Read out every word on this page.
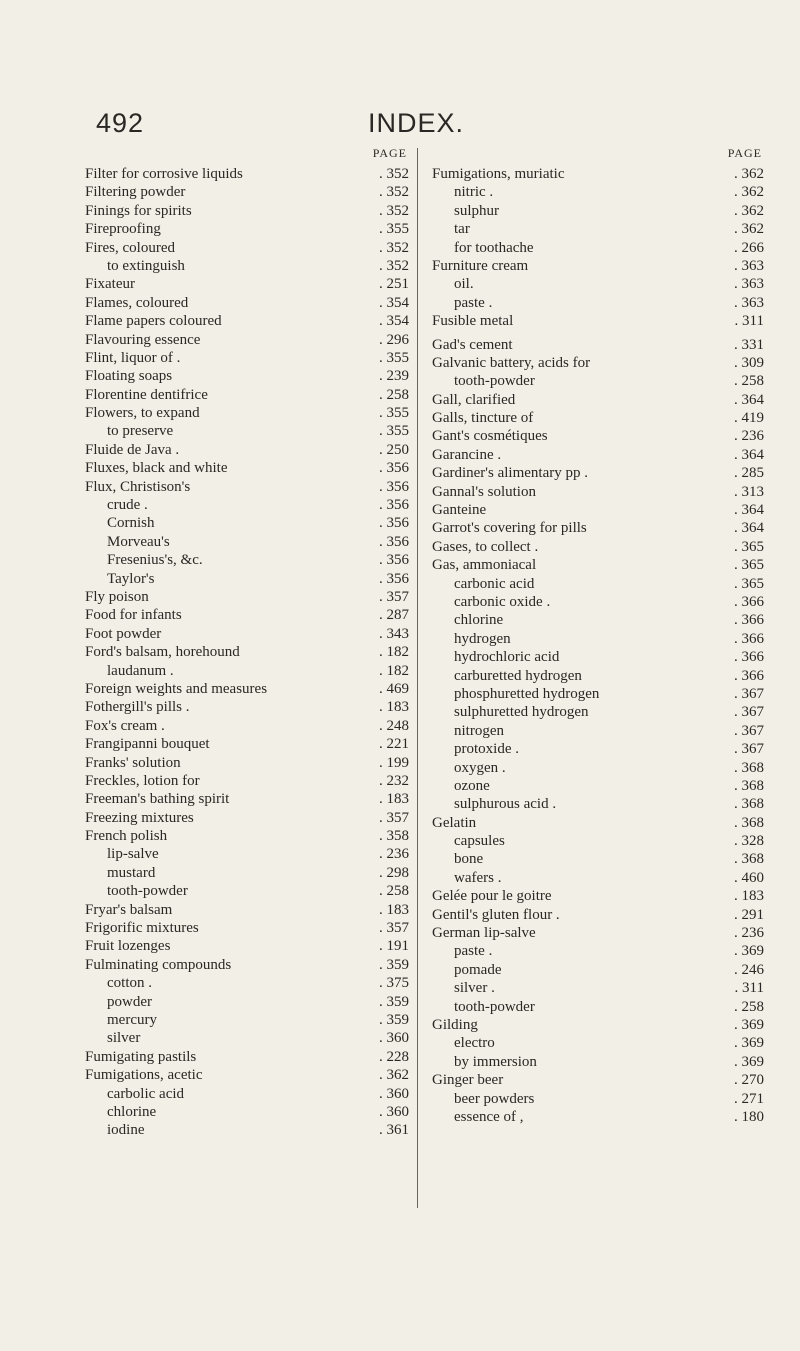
492	INDEX.
PAGE
Filter for corrosive liquids	. 352
Filtering powder	. 352
Finings for spirits	. 352
Fireproofing	. 355
Fires, coloured	. 352
to extinguish	. 352
Fixateur	. 251
Flames, coloured	. 354
Flame papers coloured	. 354
Flavouring essence	. 296
Flint, liquor of .	. 355
Floating soaps	. 239
Florentine dentifrice	. 258
Flowers, to expand	. 355
to preserve	. 355
Fluide de Java .	. 250
Fluxes, black and white	. 356
Flux, Christison's	. 356
crude .	. 356
Cornish	. 356
Morveau's	. 356
Fresenius's, &c.	. 356
Taylor's	. 356
Fly poison	. 357
Food for infants	. 287
Foot powder	. 343
Ford's balsam, horehound	. 182
laudanum .	. 182
Foreign weights and measures	. 469
Fothergill's pills .	. 183
Fox's cream .	. 248
Frangipanni bouquet	. 221
Franks' solution	. 199
Freckles, lotion for	. 232
Freeman's bathing spirit	. 183
Freezing mixtures	. 357
French polish	. 358
lip-salve	. 236
mustard	. 298
tooth-powder	. 258
Fryar's balsam	. 183
Frigorific mixtures	. 357
Fruit lozenges	. 191
Fulminating compounds	. 359
cotton .	. 375
powder	. 359
mercury	. 359
silver	. 360
Fumigating pastils	. 228
Fumigations, acetic	. 362
carbolic acid	. 360
chlorine	. 360
iodine	. 361
PAGE
Fumigations, muriatic	. 362
nitric .	. 362
sulphur	. 362
tar	. 362
for toothache	. 266
Furniture cream	. 363
oil.	. 363
paste .	. 363
Fusible metal	. 311
Gad's cement	. 331
Galvanic battery, acids for	. 309
tooth-powder	. 258
Gall, clarified	. 364
Galls, tincture of	. 419
Gant's cosmétiques	. 236
Garancine .	. 364
Gardiner's alimentary pp .	. 285
Gannal's solution	. 313
Ganteine	. 364
Garrot's covering for pills	. 364
Gases, to collect .	. 365
Gas, ammoniacal	. 365
carbonic acid	. 365
carbonic oxide .	. 366
chlorine	. 366
hydrogen	. 366
hydrochloric acid	. 366
carburetted hydrogen	. 366
phosphuretted hydrogen	. 367
sulphuretted hydrogen	. 367
nitrogen	. 367
protoxide .	. 367
oxygen .	. 368
ozone	. 368
sulphurous acid .	. 368
Gelatin	. 368
capsules	. 328
bone	. 368
wafers .	. 460
Gelée pour le goitre	. 183
Gentil's gluten flour .	. 291
German lip-salve	. 236
paste .	. 369
pomade	. 246
silver .	. 311
tooth-powder	. 258
Gilding	. 369
electro	. 369
by immersion	. 369
Ginger beer	. 270
beer powders	. 271
essence of ,	. 180
